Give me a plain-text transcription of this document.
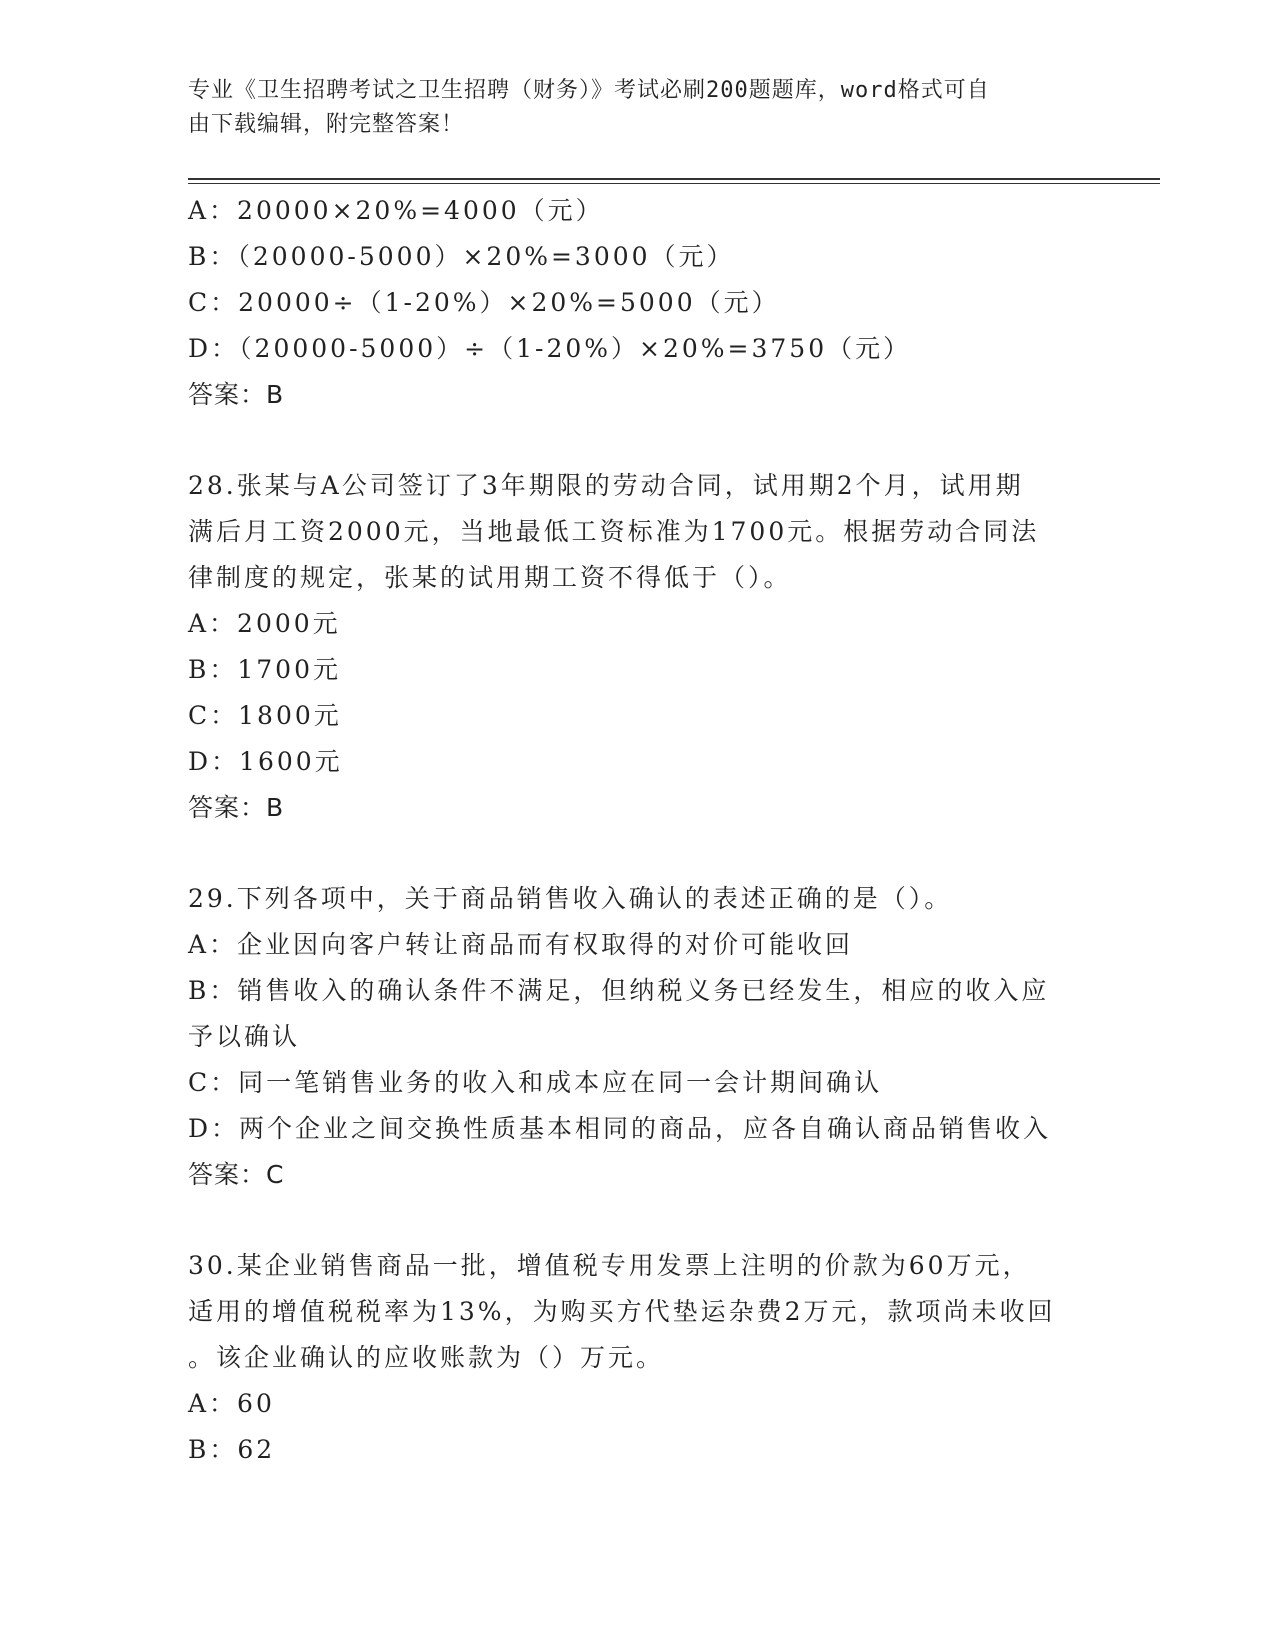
专业《卫生招聘考试之卫生招聘（财务）》考试必刷200题题库，word格式可自
由下载编辑，附完整答案！
A：20000×20%=4000（元）
B：（20000-5000）×20%=3000（元）
C：20000÷（1-20%）×20%=5000（元）
D：（20000-5000）÷（1-20%）×20%=3750（元）
答案：B
28.张某与A公司签订了3年期限的劳动合同，试用期2个月，试用期
满后月工资2000元，当地最低工资标准为1700元。根据劳动合同法
律制度的规定，张某的试用期工资不得低于（）。
A：2000元
B：1700元
C：1800元
D：1600元
答案：B
29.下列各项中，关于商品销售收入确认的表述正确的是（）。
A：企业因向客户转让商品而有权取得的对价可能收回
B：销售收入的确认条件不满足，但纳税义务已经发生，相应的收入应
予以确认
C：同一笔销售业务的收入和成本应在同一会计期间确认
D：两个企业之间交换性质基本相同的商品，应各自确认商品销售收入
答案：C
30.某企业销售商品一批，增值税专用发票上注明的价款为60万元，
适用的增值税税率为13%，为购买方代垫运杂费2万元，款项尚未收回
。该企业确认的应收账款为（）万元。
A：60
B：62
